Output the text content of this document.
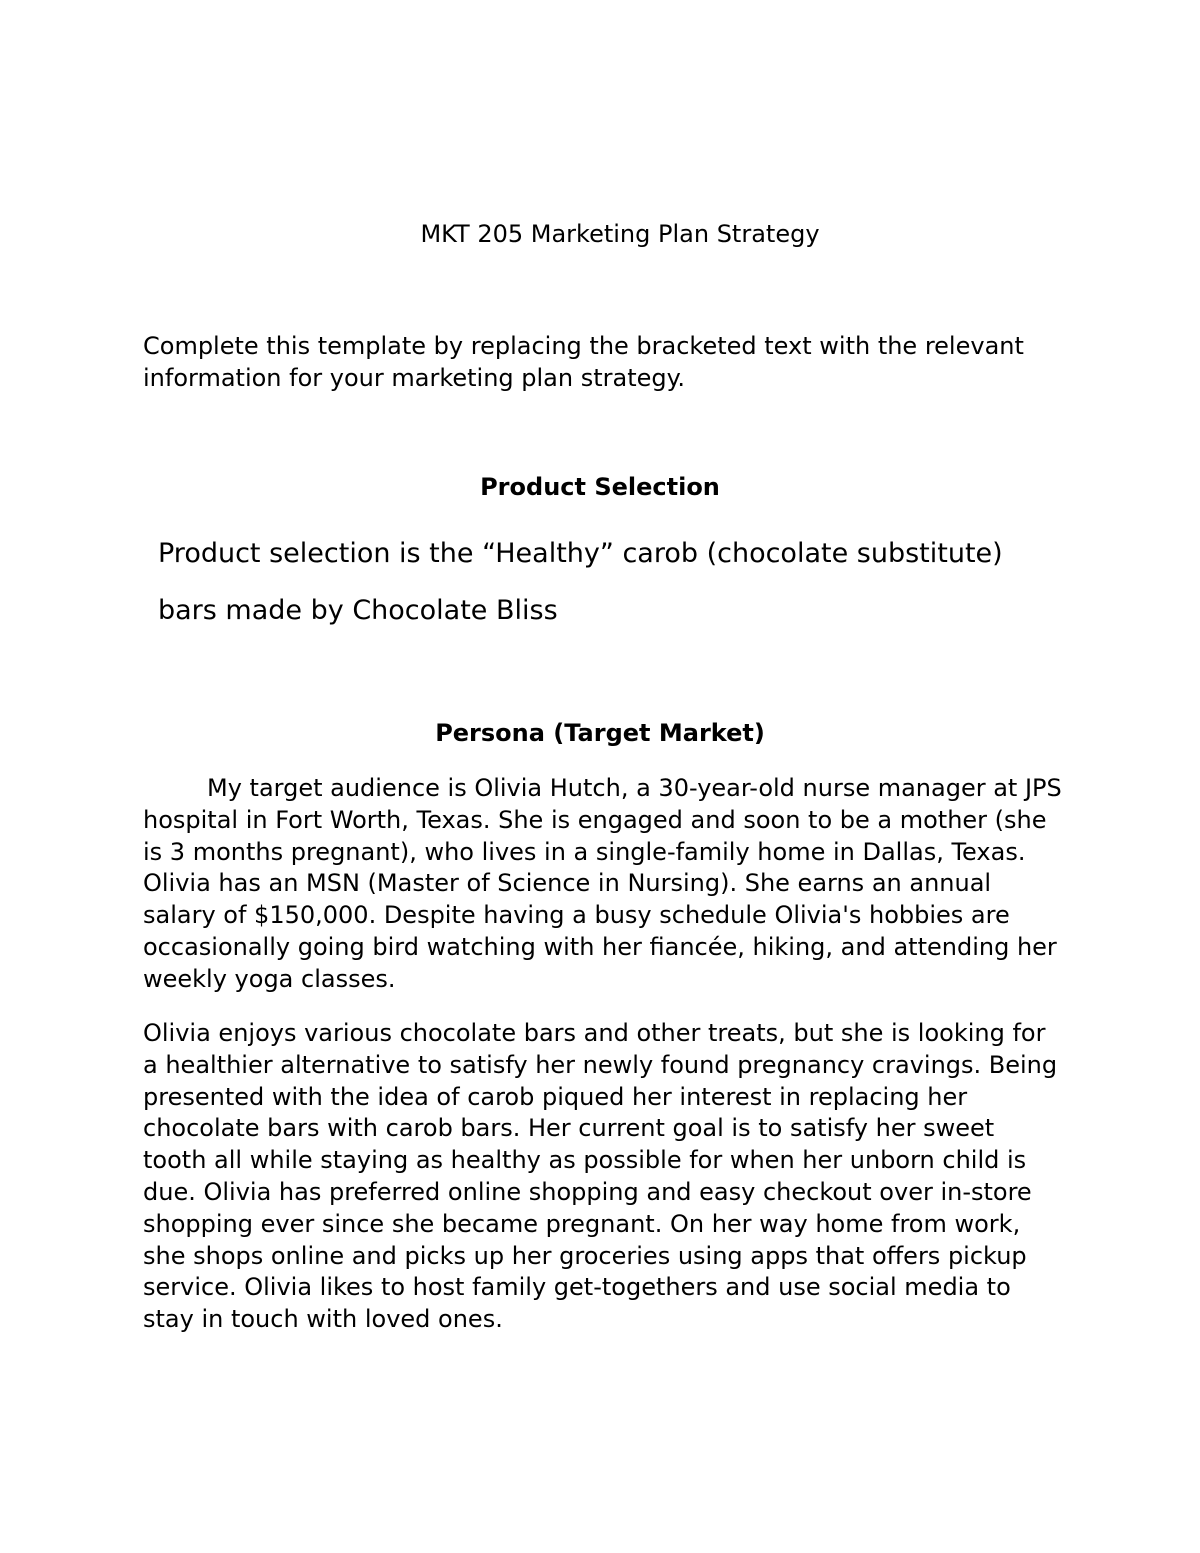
MKT 205 Marketing Plan Strategy

Complete this template by replacing the bracketed text with the relevant information for your marketing plan strategy.

Product Selection

Product selection is the “Healthy” carob (chocolate substitute) bars made by Chocolate Bliss

Persona (Target Market)

My target audience is Olivia Hutch, a 30-year-old nurse manager at JPS hospital in Fort Worth, Texas. She is engaged and soon to be a mother (she is 3 months pregnant), who lives in a single-family home in Dallas, Texas. Olivia has an MSN (Master of Science in Nursing). She earns an annual salary of $150,000. Despite having a busy schedule Olivia's hobbies are occasionally going bird watching with her fiancée, hiking, and attending her weekly yoga classes.

Olivia enjoys various chocolate bars and other treats, but she is looking for a healthier alternative to satisfy her newly found pregnancy cravings. Being presented with the idea of carob piqued her interest in replacing her chocolate bars with carob bars. Her current goal is to satisfy her sweet tooth all while staying as healthy as possible for when her unborn child is due. Olivia has preferred online shopping and easy checkout over in-store shopping ever since she became pregnant. On her way home from work, she shops online and picks up her groceries using apps that offers pickup service. Olivia likes to host family get-togethers and use social media to stay in touch with loved ones.
